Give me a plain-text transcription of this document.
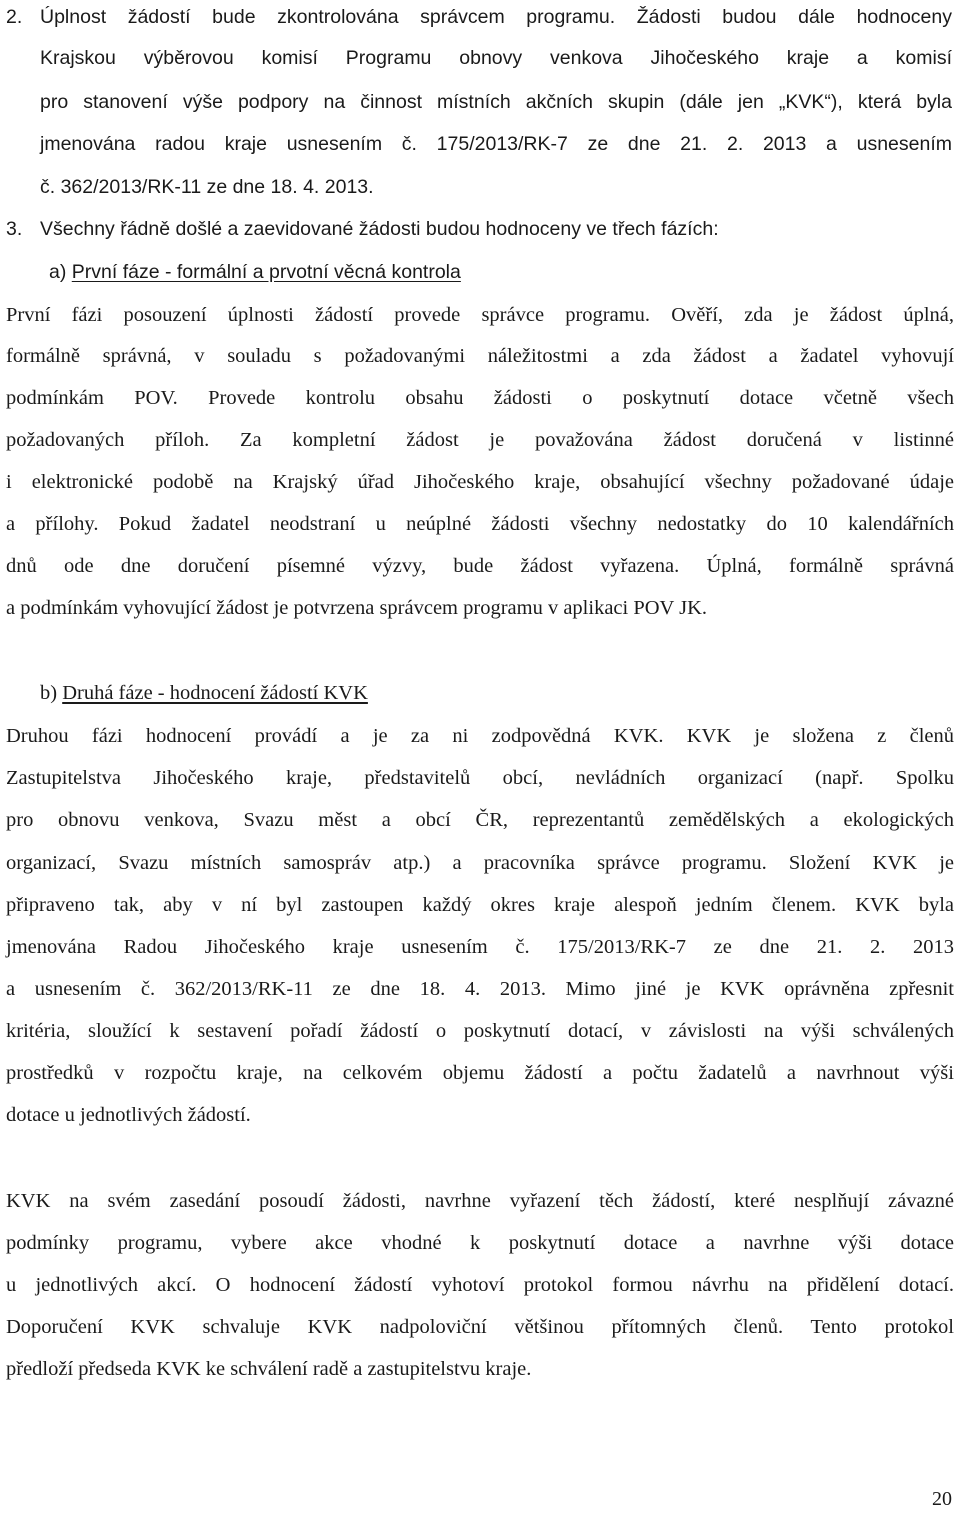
2. Úplnost žádostí bude zkontrolována správcem programu. Žádosti budou dále hodnoceny
Krajskou výběrovou komisí Programu obnovy venkova Jihočeského kraje a komisí
pro stanovení výše podpory na činnost místních akčních skupin (dále jen „KVK“), která byla
jmenována radou kraje usnesením č. 175/2013/RK-7 ze dne 21. 2. 2013 a usnesením
č. 362/2013/RK-11 ze dne 18. 4. 2013.
3. Všechny řádně došlé a zaevidované žádosti budou hodnoceny ve třech fázích:
a) První fáze - formální a prvotní věcná kontrola
První fázi posouzení úplnosti žádostí provede správce programu. Ověří, zda je žádost úplná,
formálně správná, v souladu s požadovanými náležitostmi a zda žádost a žadatel vyhovují
podmínkám POV. Provede kontrolu obsahu žádosti o poskytnutí dotace včetně všech
požadovaných příloh. Za kompletní žádost je považována žádost doručená v listinné
i elektronické podobě na Krajský úřad Jihočeského kraje, obsahující všechny požadované údaje
a přílohy. Pokud žadatel neodstraní u neúplné žádosti všechny nedostatky do 10 kalendářních
dnů ode dne doručení písemné výzvy, bude žádost vyřazena. Úplná, formálně správná
a podmínkám vyhovující žádost je potvrzena správcem programu v aplikaci POV JK.
b) Druhá fáze - hodnocení žádostí KVK
Druhou fázi hodnocení provádí a je za ni zodpovědná KVK. KVK je složena z členů
Zastupitelstva Jihočeského kraje, představitelů obcí, nevládních organizací (např. Spolku
pro obnovu venkova, Svazu měst a obcí ČR, reprezentantů zemědělských a ekologických
organizací, Svazu místních samospráv atp.) a pracovníka správce programu. Složení KVK je
připraveno tak, aby v ní byl zastoupen každý okres kraje alespoň jedním členem. KVK byla
jmenována Radou Jihočeského kraje usnesením č. 175/2013/RK-7 ze dne 21. 2. 2013
a usnesením č. 362/2013/RK-11 ze dne 18. 4. 2013. Mimo jiné je KVK oprávněna zpřesnit
kritéria, sloužící k sestavení pořadí žádostí o poskytnutí dotací, v závislosti na výši schválených
prostředků v rozpočtu kraje, na celkovém objemu žádostí a počtu žadatelů a navrhnout výši
dotace u jednotlivých žádostí.
KVK na svém zasedání posoudí žádosti, navrhne vyřazení těch žádostí, které nesplňují závazné
podmínky programu, vybere akce vhodné k poskytnutí dotace a navrhne výši dotace
u jednotlivých akcí. O hodnocení žádostí vyhotoví protokol formou návrhu na přidělení dotací.
Doporučení KVK schvaluje KVK nadpoloviční většinou přítomných členů. Tento protokol
předloží předseda KVK ke schválení radě a zastupitelstvu kraje.
20
